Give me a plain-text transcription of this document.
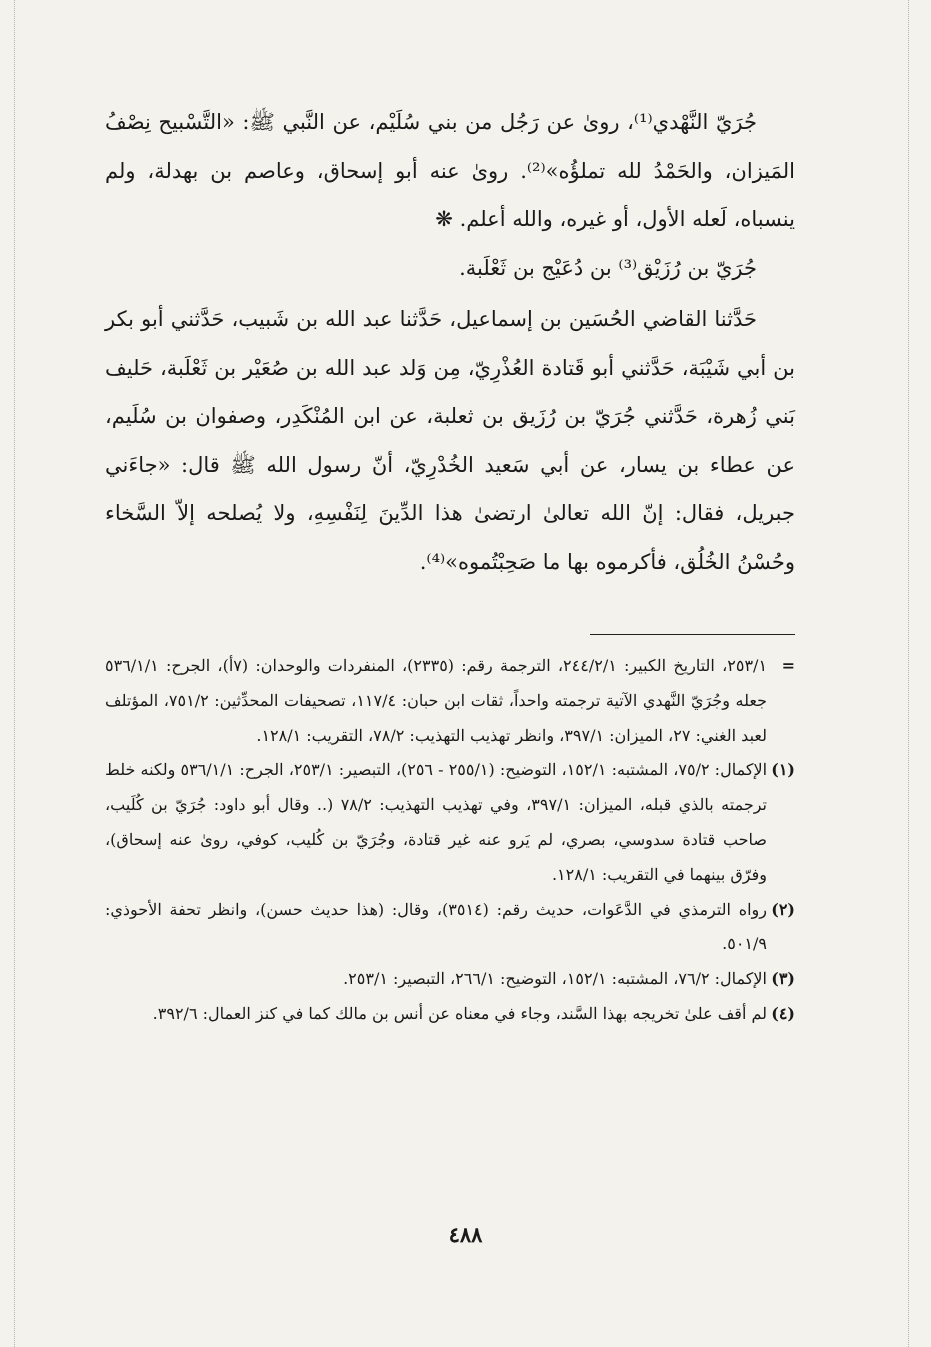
جُرَيّ النَّهْدي⁽¹⁾، روىٰ عن رَجُل من بني سُلَيْم، عن النَّبي ﷺ: «التَّسْبيح نِصْفُ المَيزان، والحَمْدُ لله تملؤُه»⁽²⁾. روىٰ عنه أبو إسحاق، وعاصم بن بهدلة، ولم ينسباه، لَعله الأول، أو غيره، والله أعلم. ❋

جُرَيّ بن رُزَيْق⁽³⁾ بن دُعَيْج بن ثَعْلَبة.

حَدَّثنا القاضي الحُسَين بن إسماعيل، حَدَّثنا عبد الله بن شَبيب، حَدَّثني أبو بكر بن أبي شَيْبَة، حَدَّثني أبو قَتادة العُذْرِيّ، مِن وَلد عبد الله بن صُعَيْر بن ثَعْلَبة، حَليف بَني زُهرة، حَدَّثني جُرَيّ بن رُزَيق بن ثعلبة، عن ابن المُنْكَدِر، وصفوان بن سُلَيم، عن عطاء بن يسار، عن أبي سَعيد الخُدْرِيّ، أنّ رسول الله ﷺ قال: «جاءَني جبريل، فقال: إنّ الله تعالىٰ ارتضىٰ هذا الدِّينَ لِنَفْسِهِ، ولا يُصلحه إلاّ السَّخاء وحُسْنُ الخُلُق، فأكرموه بها ما صَحِبْتُموه»⁽⁴⁾.

=
٢٥٣/١، التاريخ الكبير: ٢٤٤/٢/١، الترجمة رقم: (٢٣٣٥)، المنفردات والوحدان: (٧أ)، الجرح: ٥٣٦/١/١ جعله وجُرَيّ النَّهدي الآتية ترجمته واحداً، ثقات ابن حبان: ١١٧/٤، تصحيفات المحدِّثين: ٧٥١/٢، المؤتلف لعبد الغني: ٢٧، الميزان: ٣٩٧/١، وانظر تهذيب التهذيب: ٧٨/٢، التقريب: ١٢٨/١.

(١)
الإكمال: ٧٥/٢، المشتبه: ١٥٢/١، التوضيح: (٢٥٥/١ - ٢٥٦)، التبصير: ٢٥٣/١، الجرح: ٥٣٦/١/١ ولكنه خلط ترجمته بالذي قبله، الميزان: ٣٩٧/١، وفي تهذيب التهذيب: ٧٨/٢ (.. وقال أبو داود: جُرَيّ بن كُلَيب، صاحب قتادة سدوسي، بصري، لم يَرو عنه غير قتادة، وجُرَيّ بن كُليب، كوفي، روىٰ عنه إسحاق)، وفرّق بينهما في التقريب: ١٢٨/١.

(٢)
رواه الترمذي في الدَّعَوات، حديث رقم: (٣٥١٤)، وقال: (هذا حديث حسن)، وانظر تحفة الأحوذي: ٥٠١/٩.

(٣)
الإكمال: ٧٦/٢، المشتبه: ١٥٢/١، التوضيح: ٢٦٦/١، التبصير: ٢٥٣/١.

(٤)
لم أقف علىٰ تخريجه بهذا السَّند، وجاء في معناه عن أنس بن مالك كما في كنز العمال: ٣٩٢/٦.

٤٨٨
